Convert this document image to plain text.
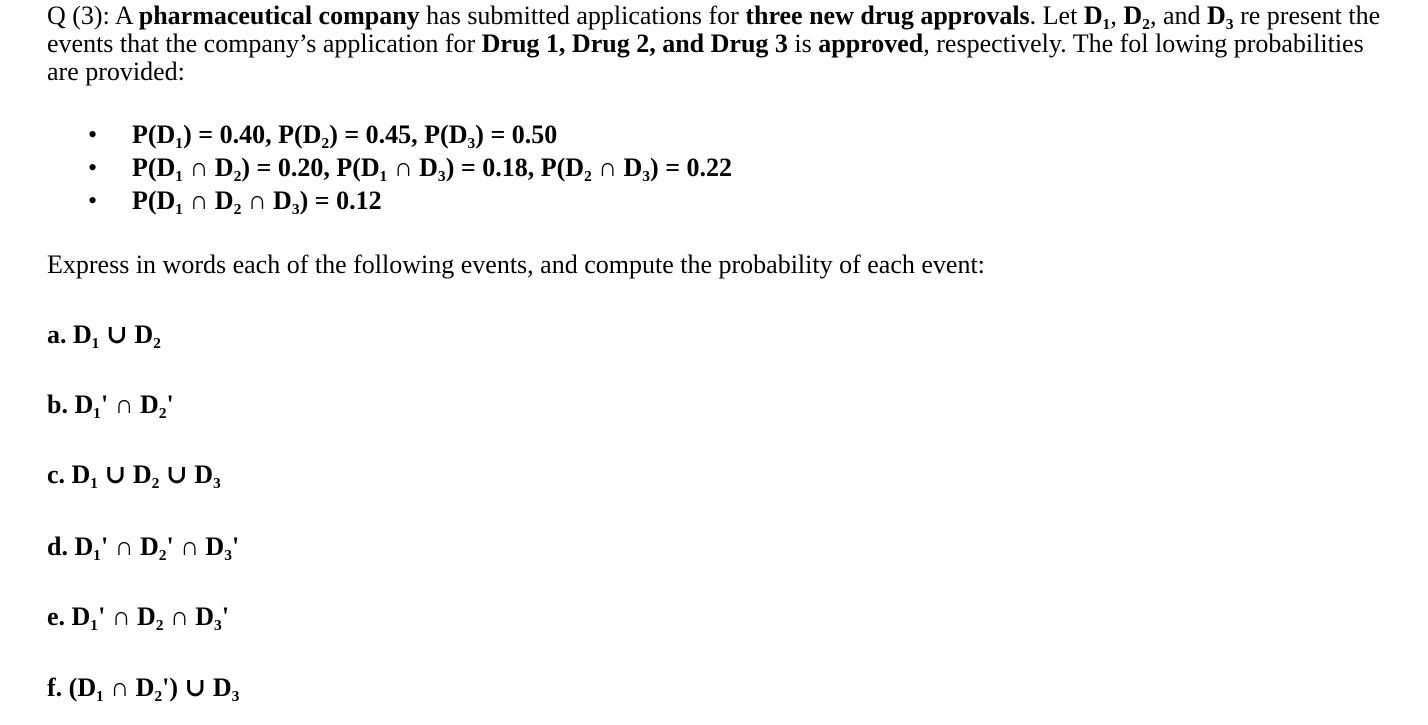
Q (3): A pharmaceutical company has submitted applications for three new drug approvals. Let D₁, D₂, and D₃ re present the events that the company’s application for Drug 1, Drug 2, and Drug 3 is approved, respectively. The fol lowing probabilities are provided:

• P(D₁) = 0.40, P(D₂) = 0.45, P(D₃) = 0.50
• P(D₁ ∩ D₂) = 0.20, P(D₁ ∩ D₃) = 0.18, P(D₂ ∩ D₃) = 0.22
• P(D₁ ∩ D₂ ∩ D₃) = 0.12

Express in words each of the following events, and compute the probability of each event:

a. D₁ ∪ D₂

b. D₁' ∩ D₂'

c. D₁ ∪ D₂ ∪ D₃

d. D₁' ∩ D₂' ∩ D₃'

e. D₁' ∩ D₂ ∩ D₃'

f. (D₁ ∩ D₂') ∪ D₃
